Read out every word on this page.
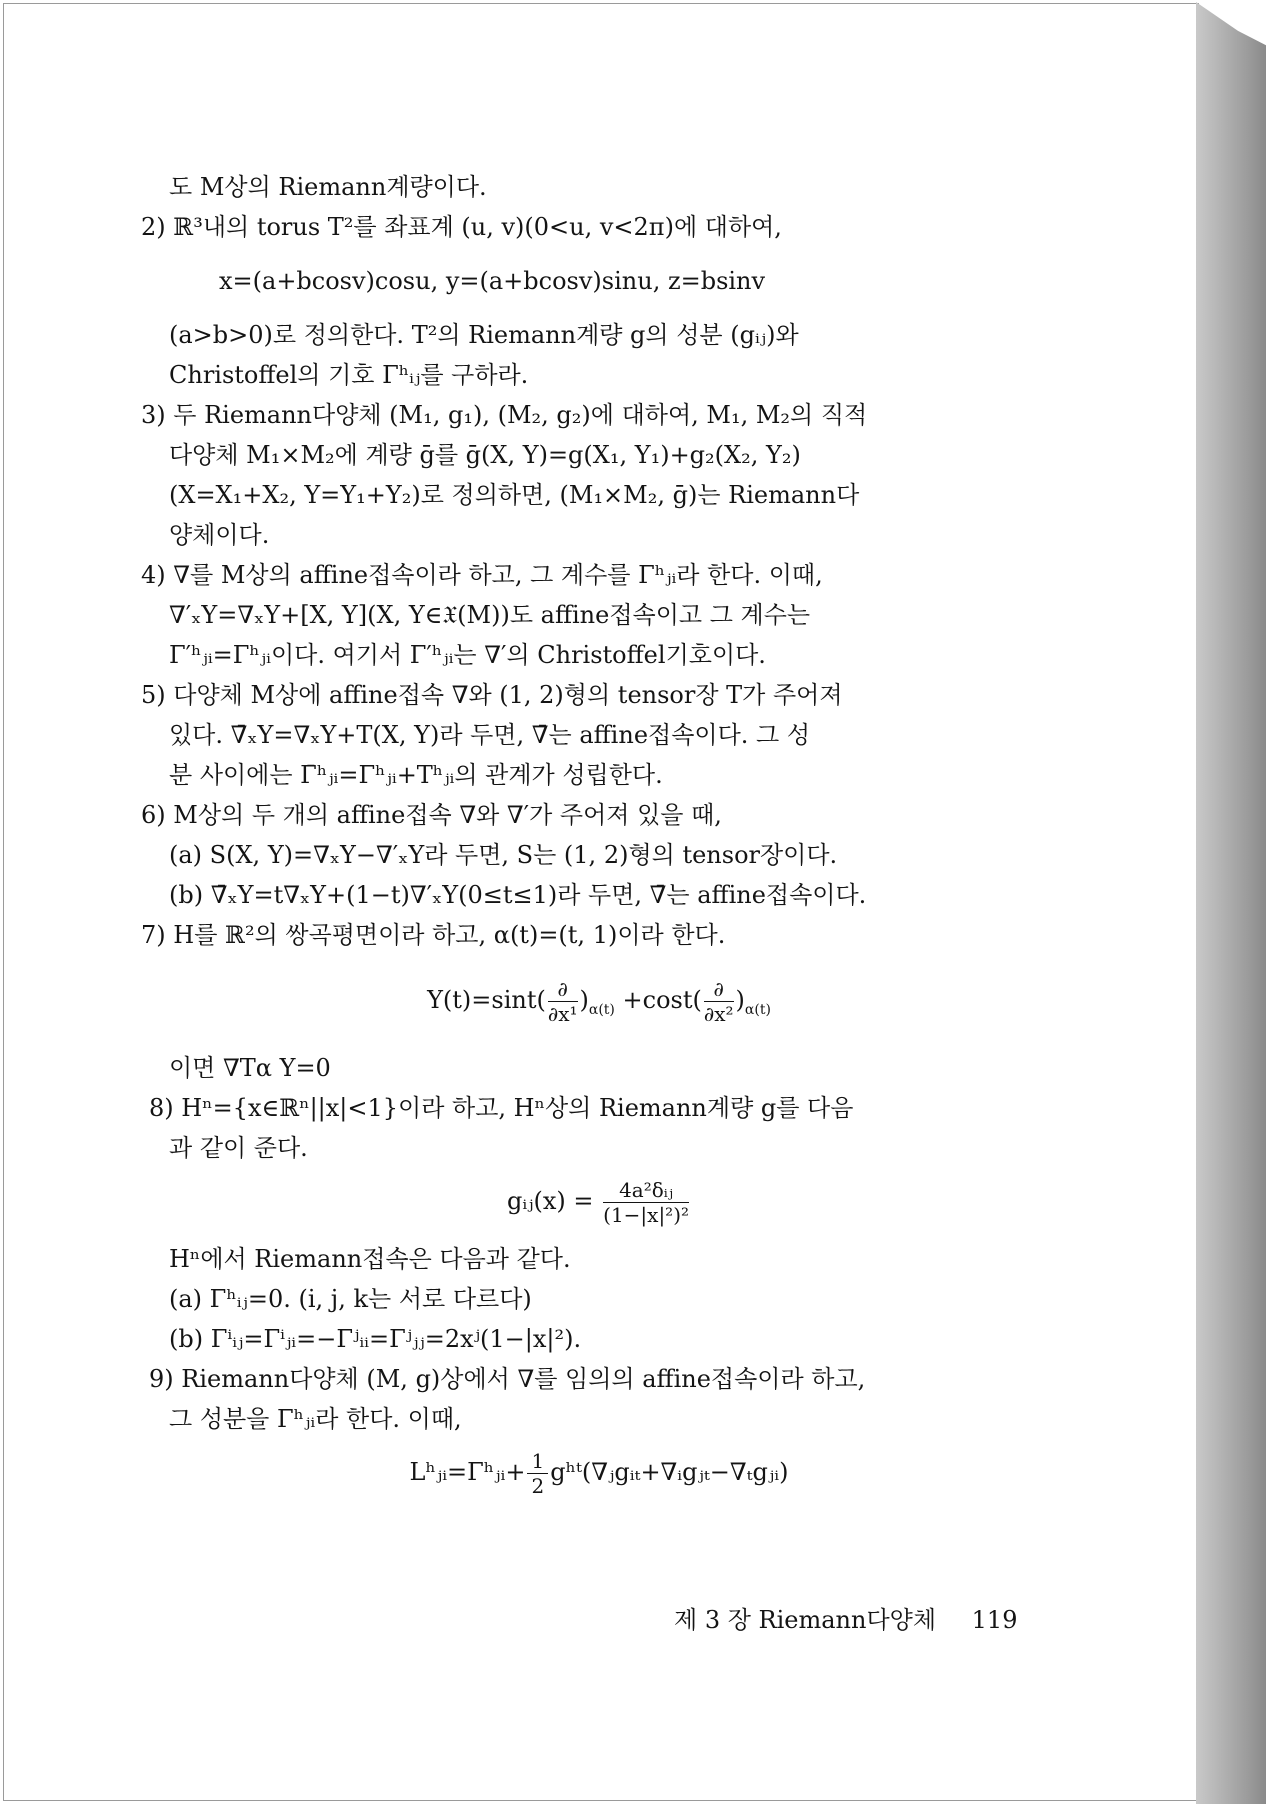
도 M상의 Riemann계량이다.
2) ℝ³내의 torus T²를 좌표계 (u, v)(0<u, v<2π)에 대하여,
x=(a+bcosv)cosu, y=(a+bcosv)sinu, z=bsinv
(a>b>0)로 정의한다. T²의 Riemann계량 g의 성분 (gᵢⱼ)와
Christoffel의 기호 Γʰᵢⱼ를 구하라.
3) 두 Riemann다양체 (M₁, g₁), (M₂, g₂)에 대하여, M₁, M₂의 직적
다양체 M₁×M₂에 계량 ḡ를 ḡ(X, Y)=g(X₁, Y₁)+g₂(X₂, Y₂)
(X=X₁+X₂, Y=Y₁+Y₂)로 정의하면, (M₁×M₂, ḡ)는 Riemann다
양체이다.
4) ∇를 M상의 affine접속이라 하고, 그 계수를 Γʰⱼᵢ라 한다. 이때,
∇′ₓY=∇ₓY+[X, Y](X, Y∈𝔛(M))도 affine접속이고 그 계수는
Γ′ʰⱼᵢ=Γʰⱼᵢ이다. 여기서 Γ′ʰⱼᵢ는 ∇′의 Christoffel기호이다.
5) 다양체 M상에 affine접속 ∇와 (1, 2)형의 tensor장 T가 주어져
있다. ∇̄ₓY=∇ₓY+T(X, Y)라 두면, ∇̄는 affine접속이다. 그 성
분 사이에는 Γ̄ʰⱼᵢ=Γʰⱼᵢ+Tʰⱼᵢ의 관계가 성립한다.
6) M상의 두 개의 affine접속 ∇와 ∇′가 주어져 있을 때,
(a) S(X, Y)=∇ₓY−∇′ₓY라 두면, S는 (1, 2)형의 tensor장이다.
(b) ∇̄ₓY=t∇ₓY+(1−t)∇′ₓY(0≤t≤1)라 두면, ∇̄는 affine접속이다.
7) H를 ℝ²의 쌍곡평면이라 하고, α(t)=(t, 1)이라 한다.
$Y(t)=\sin t( \frac{\partial}{\text{∂x¹}} )_{\alpha(t)} +\cos t( \frac{\partial}{\text{∂x²}} )_{\alpha(t)}$
이면 ∇Tα Y=0
8) Hⁿ={x∈ℝⁿ||x|<1}이라 하고, Hⁿ상의 Riemann계량 g를 다음
과 같이 준다.
gᵢⱼ(x) = $\frac{\text{4a²δᵢⱼ}}{\text{(1−|x|²)²}}$
Hⁿ에서 Riemann접속은 다음과 같다.
(a) Γʰᵢⱼ=0. (i, j, k는 서로 다르다)
(b) Γⁱᵢⱼ=Γⁱⱼᵢ=−Γʲᵢᵢ=Γʲⱼⱼ=2xʲ(1−|x|²).
9) Riemann다양체 (M, g)상에서 ∇를 임의의 affine접속이라 하고,
그 성분을 Γʰⱼᵢ라 한다. 이때,
Lʰⱼᵢ=Γʰⱼᵢ+ $\frac{1}{2}$ gʰᵗ(∇ⱼgᵢₜ+∇ᵢgⱼₜ−∇ₜgⱼᵢ)
제 3 장 Riemann다양체 119
